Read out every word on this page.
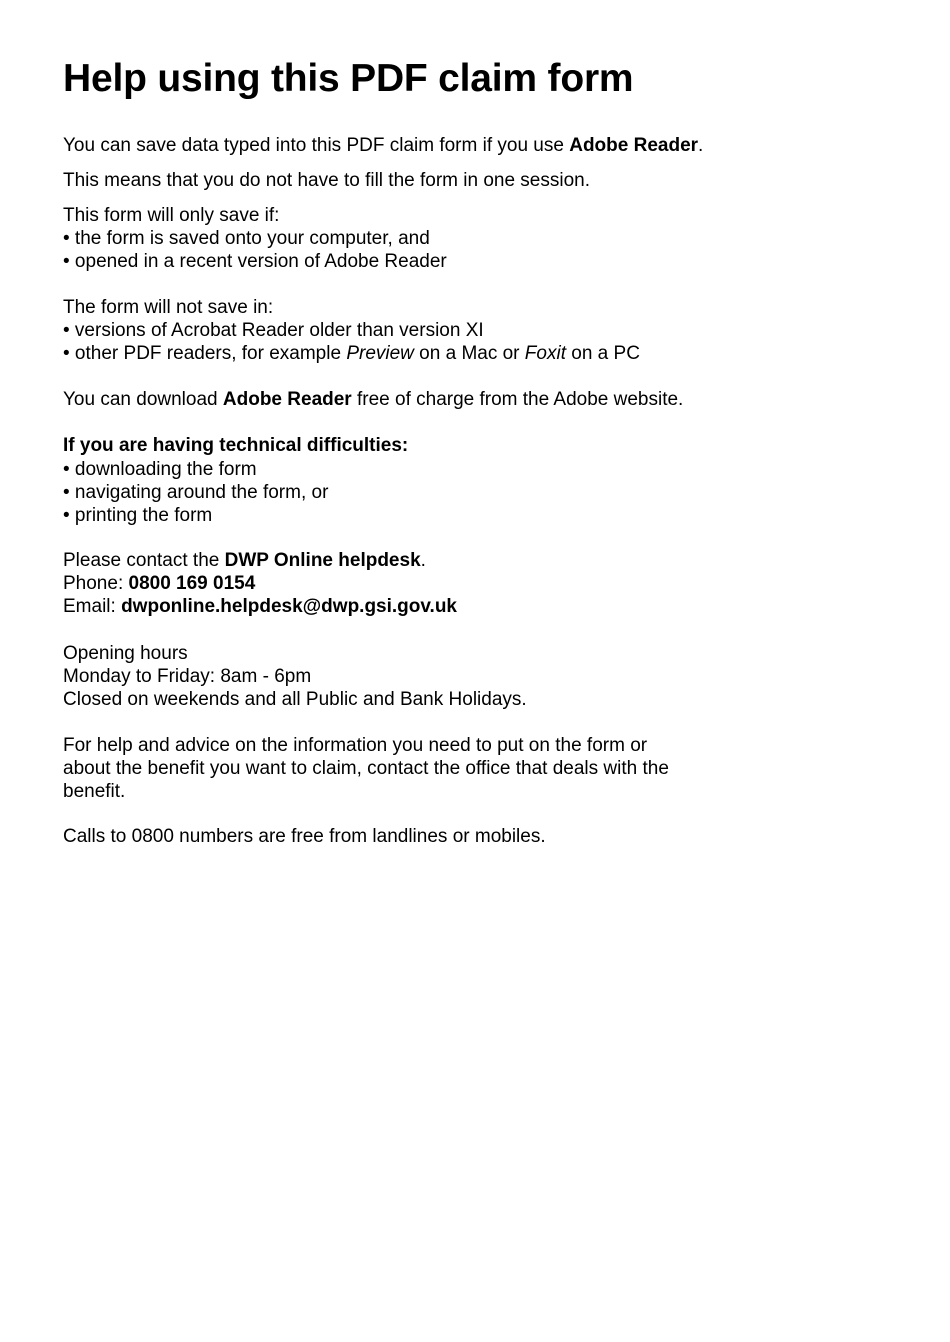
Help using this PDF claim form

You can save data typed into this PDF claim form if you use Adobe Reader.

This means that you do not have to fill the form in one session.

This form will only save if:

• the form is saved onto your computer, and

• opened in a recent version of Adobe Reader

The form will not save in:

• versions of Acrobat Reader older than version XI

• other PDF readers, for example Preview on a Mac or Foxit on a PC

You can download Adobe Reader free of charge from the Adobe website.

If you are having technical difficulties:

• downloading the form

• navigating around the form, or

• printing the form

Please contact the DWP Online helpdesk.

Phone: 0800 169 0154

Email: dwponline.helpdesk@dwp.gsi.gov.uk

Opening hours

Monday to Friday: 8am - 6pm

Closed on weekends and all Public and Bank Holidays.

For help and advice on the information you need to put on the form or

about the benefit you want to claim, contact the office that deals with the

benefit.

Calls to 0800 numbers are free from landlines or mobiles.
